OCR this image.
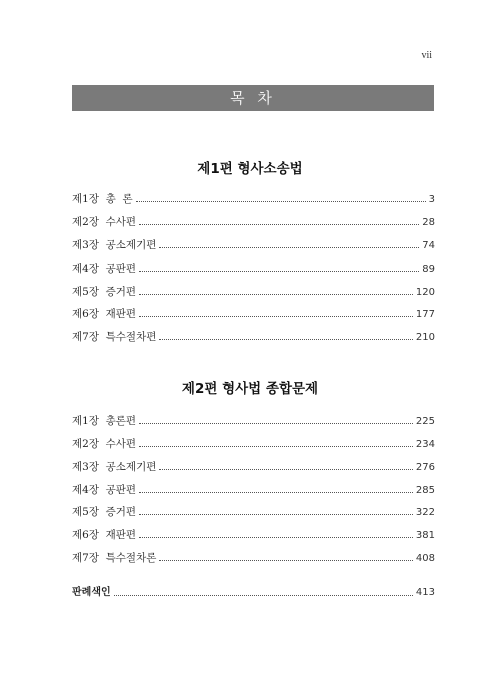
vii
목 차
제1편 형사소송법
제1장  총  론	3
제2장  수사편	28
제3장  공소제기편	74
제4장  공판편	89
제5장  증거편	120
제6장  재판편	177
제7장  특수절차편	210
제2편 형사법 종합문제
제1장  총론편	225
제2장  수사편	234
제3장  공소제기편	276
제4장  공판편	285
제5장  증거편	322
제6장  재판편	381
제7장  특수절차론	408
판례색인	413
